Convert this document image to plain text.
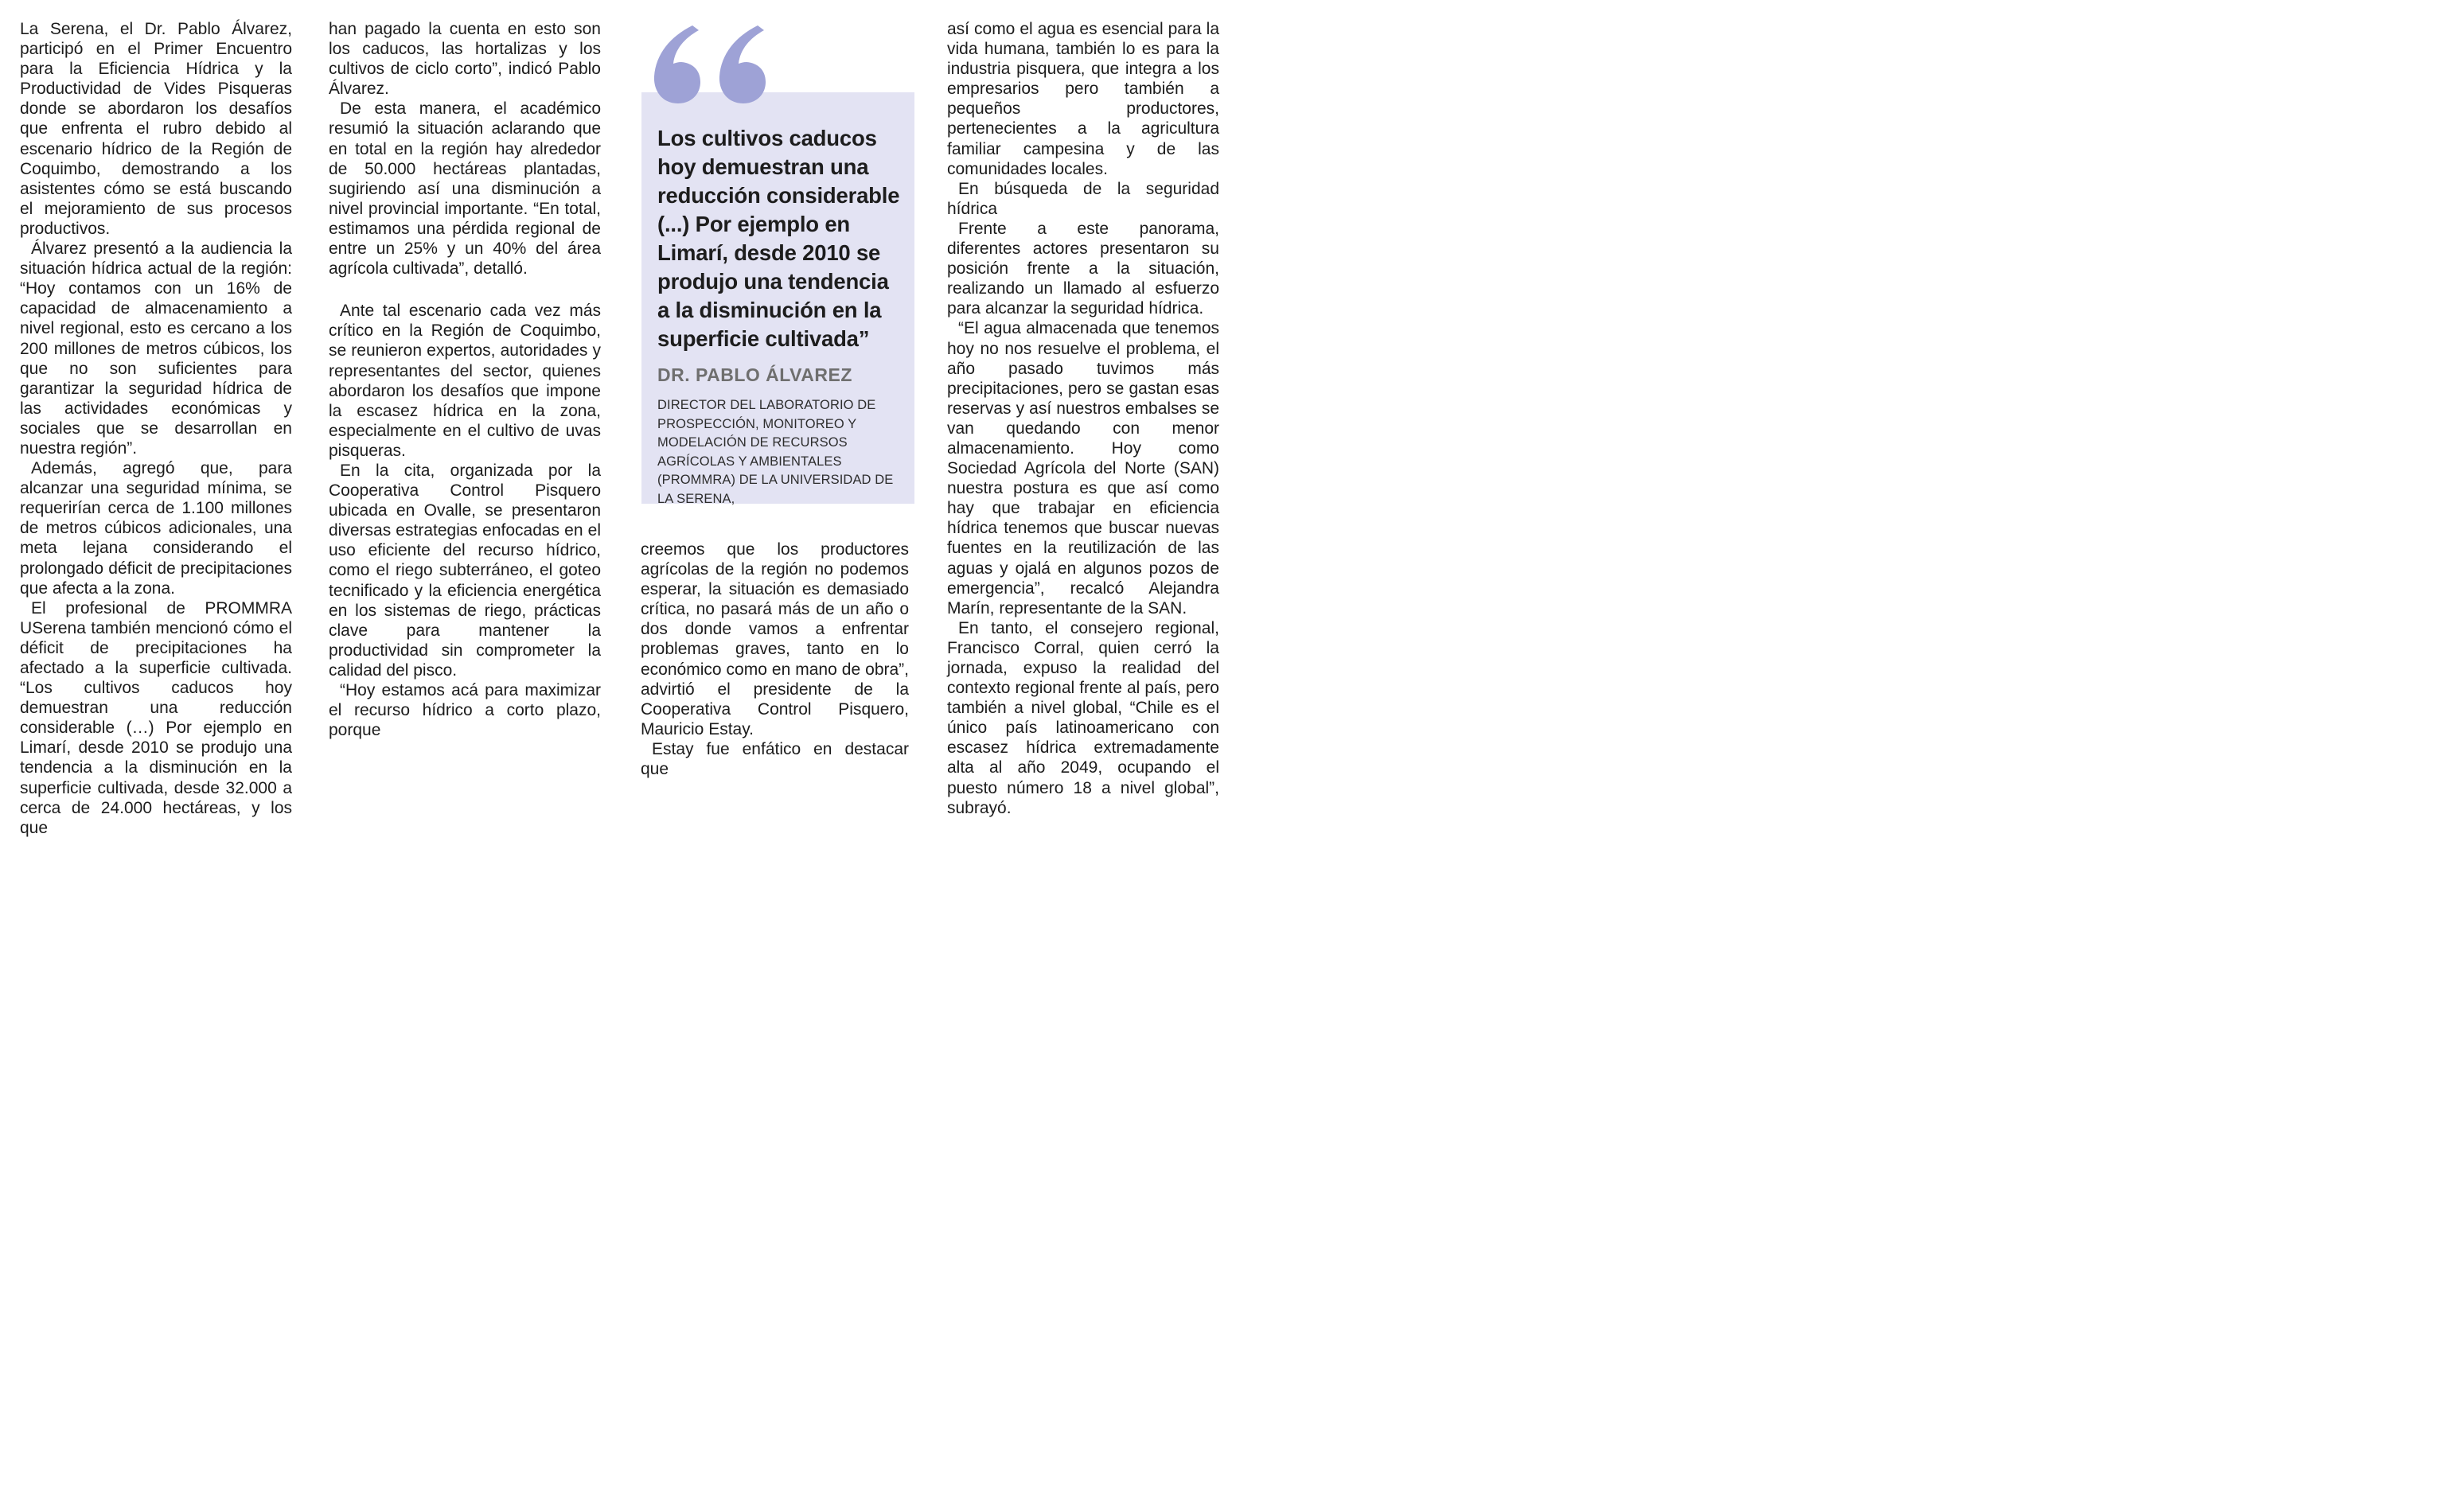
La Serena, el Dr. Pablo Álvarez, participó en el Primer Encuentro para la Eficiencia Hídrica y la Productividad de Vides Pisqueras donde se abordaron los desafíos que enfrenta el rubro debido al escenario hídrico de la Región de Coquimbo, demostrando a los asistentes cómo se está buscando el mejoramiento de sus procesos productivos.

Álvarez presentó a la audiencia la situación hídrica actual de la región: “Hoy contamos con un 16% de capacidad de almacenamiento a nivel regional, esto es cercano a los 200 millones de metros cúbicos, los que no son suficientes para garantizar la seguridad hídrica de las actividades económicas y sociales que se desarrollan en nuestra región”.

Además, agregó que, para alcanzar una seguridad mínima, se requerirían cerca de 1.100 millones de metros cúbicos adicionales, una meta lejana considerando el prolongado déficit de precipitaciones que afecta a la zona.

El profesional de PROMMRA USerena también mencionó cómo el déficit de precipitaciones ha afectado a la superficie cultivada. “Los cultivos caducos hoy demuestran una reducción considerable (…) Por ejemplo en Limarí, desde 2010 se produjo una tendencia a la disminución en la superficie cultivada, desde 32.000 a cerca de 24.000 hectáreas, y los que

han pagado la cuenta en esto son los caducos, las hortalizas y los cultivos de ciclo corto”, indicó Pablo Álvarez.

De esta manera, el académico resumió la situación aclarando que en total en la región hay alrededor de 50.000 hectáreas plantadas, sugiriendo así una disminución a nivel provincial importante. “En total, estimamos una pérdida regional de entre un 25% y un 40% del área agrícola cultivada”, detalló.

Ante tal escenario cada vez más crítico en la Región de Coquimbo, se reunieron expertos, autoridades y representantes del sector, quienes abordaron los desafíos que impone la escasez hídrica en la zona, especialmente en el cultivo de uvas pisqueras.

En la cita, organizada por la Cooperativa Control Pisquero ubicada en Ovalle, se presentaron diversas estrategias enfocadas en el uso eficiente del recurso hídrico, como el riego subterráneo, el goteo tecnificado y la eficiencia energética en los sistemas de riego, prácticas clave para mantener la productividad sin comprometer la calidad del pisco.

“Hoy estamos acá para maximizar el recurso hídrico a corto plazo, porque

Los cultivos caducos hoy demuestran una reducción considerable (...) Por ejemplo en Limarí, desde 2010 se produjo una tendencia a la disminución en la superficie cultivada”
DR. PABLO ÁLVAREZ
DIRECTOR DEL LABORATORIO DE PROSPECCIÓN, MONITOREO Y MODELACIÓN DE RECURSOS AGRÍCOLAS Y AMBIENTALES (PROMMRA) DE LA UNIVERSIDAD DE LA SERENA,

creemos que los productores agrícolas de la región no podemos esperar, la situación es demasiado crítica, no pasará más de un año o dos donde vamos a enfrentar problemas graves, tanto en lo económico como en mano de obra”, advirtió el presidente de la Cooperativa Control Pisquero, Mauricio Estay.

Estay fue enfático en destacar que

así como el agua es esencial para la vida humana, también lo es para la industria pisquera, que integra a los empresarios pero también a pequeños productores, pertenecientes a la agricultura familiar campesina y de las comunidades locales.

En búsqueda de la seguridad hídrica

Frente a este panorama, diferentes actores presentaron su posición frente a la situación, realizando un llamado al esfuerzo para alcanzar la seguridad hídrica.

“El agua almacenada que tenemos hoy no nos resuelve el problema, el año pasado tuvimos más precipitaciones, pero se gastan esas reservas y así nuestros embalses se van quedando con menor almacenamiento. Hoy como Sociedad Agrícola del Norte (SAN) nuestra postura es que así como hay que trabajar en eficiencia hídrica tenemos que buscar nuevas fuentes en la reutilización de las aguas y ojalá en algunos pozos de emergencia”, recalcó Alejandra Marín, representante de la SAN.

En tanto, el consejero regional, Francisco Corral, quien cerró la jornada, expuso la realidad del contexto regional frente al país, pero también a nivel global, “Chile es el único país latinoamericano con escasez hídrica extremadamente alta al año 2049, ocupando el puesto número 18 a nivel global”, subrayó.
